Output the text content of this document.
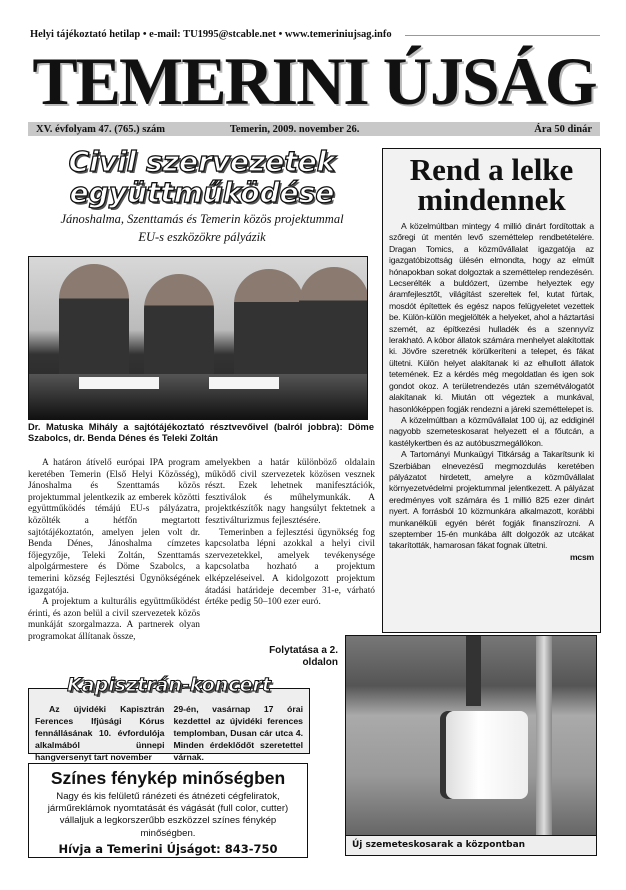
Helyi tájékoztató hetilap • e-mail: TU1995@stcable.net • www.temeriniujsag.info
TEMERINI ÚJSÁG
XV. évfolyam 47. (765.) szám	Temerin, 2009. november 26.	Ára 50 dinár
Civil szervezetek együttműködése
Jánoshalma, Szenttamás és Temerin közös projektummal
EU-s eszközökre pályázik
Dr. Matuska Mihály a sajtótájékoztató résztvevőivel (balról jobbra): Döme Szabolcs, dr. Benda Dénes és Teleki Zoltán

A határon átívelő európai IPA program keretében Temerin (Első Helyi Közösség), Jánoshalma és Szenttamás közös projektummal jelentkezik az emberek közötti együttműködés témájú EU-s pályázatra, közölték a hétfőn megtartott sajtótájékoztatón, amelyen jelen volt dr. Benda Dénes, Jánoshalma címzetes főjegyzője, Teleki Zoltán, Szenttamás alpolgármestere és Döme Szabolcs, a temerini község Fejlesztési Ügynökségének igazgatója.

A projektum a kulturális együttműködést érinti, és azon belül a civil szervezetek közös munkáját szorgalmazza. A partnerek olyan programokat állítanak össze,

amelyekben a határ különböző oldalain működő civil szervezetek közösen vesznek részt. Ezek lehetnek manifesztációk, fesztiválok és műhelymunkák. A projektkészítők nagy hangsúlyt fektetnek a fesztiválturizmus fejlesztésére.

Temerinben a fejlesztési ügynökség fog kapcsolatba lépni azokkal a helyi civil szervezetekkel, amelyek tevékenysége kapcsolatba hozható a projektum elképzeléseivel. A kidolgozott projektum átadási határideje december 31-e, várható értéke pedig 50–100 ezer euró.

Folytatása a 2. oldalon
Rend a lelke mindennek

A közelmúltban mintegy 4 millió dinárt fordítottak a szőregi út mentén levő szeméttelep rendbetételére. Dragan Tomics, a közművállalat igazgatója az igazgatóbizottság ülésén elmondta, hogy az elmúlt hónapokban sokat dolgoztak a szeméttelep rendezésén. Lecserélték a buldózert, üzembe helyeztek egy áramfejlesztőt, világítást szereltek fel, kutat fúrtak, mosdót építettek és egész napos felügyeletet vezettek be. Külön-külön megjelölték a helyeket, ahol a háztartási szemét, az építkezési hulladék és a szennyvíz lerakható. A kóbor állatok számára menhelyet alakítottak ki. Jövőre szeretnék körülkeríteni a telepet, és fákat ültetni. Külön helyet alakítanak ki az elhullott állatok tetemének. Ez a kérdés még megoldatlan és igen sok gondot okoz. A területrendezés után szemétválogatót alakítanak ki. Miután ott végeztek a munkával, hasonlóképpen fogják rendezni a járeki szeméttelepet is.

A közelmúltban a közművállalat 100 új, az eddiginél nagyobb szemeteskosarat helyezett el a főutcán, a kastélykertben és az autóbuszmegállókon.

A Tartományi Munkaügyi Titkárság a Takarítsunk ki Szerbiában elnevezésű megmozdulás keretében pályázatot hirdetett, amelyre a közművállalat környezetvédelmi projektummal jelentkezett. A pályázat eredményes volt számára és 1 millió 825 ezer dinárt nyert. A forrásból 10 közmunkára alkalmazott, korábbi munkanélküli egyén bérét fogják finanszírozni. A szeptember 15-én munkába állt dolgozók az utcákat takarították, hamarosan fákat fognak ültetni.

mcsm
Új szemeteskosarak a központban

Az újvidéki Kapisztrán Ferences Ifjúsági Kórus fennállásának 10. évfordulója alkalmából ünnepi hangversenyt tart november

29-én, vasárnap 17 órai kezdettel az újvidéki ferences templomban, Dusan cár utca 4. Minden érdeklődőt szeretettel várnak.

Kapisztrán-koncert
Színes fénykép minőségben
Nagy és kis felületű ránézeti és átnézeti cégfeliratok, járműreklámok nyomtatását és vágását (full color, cutter) vállaljuk a legkorszerűbb eszközzel színes fénykép minőségben.
Hívja a Temerini Újságot: 843-750
